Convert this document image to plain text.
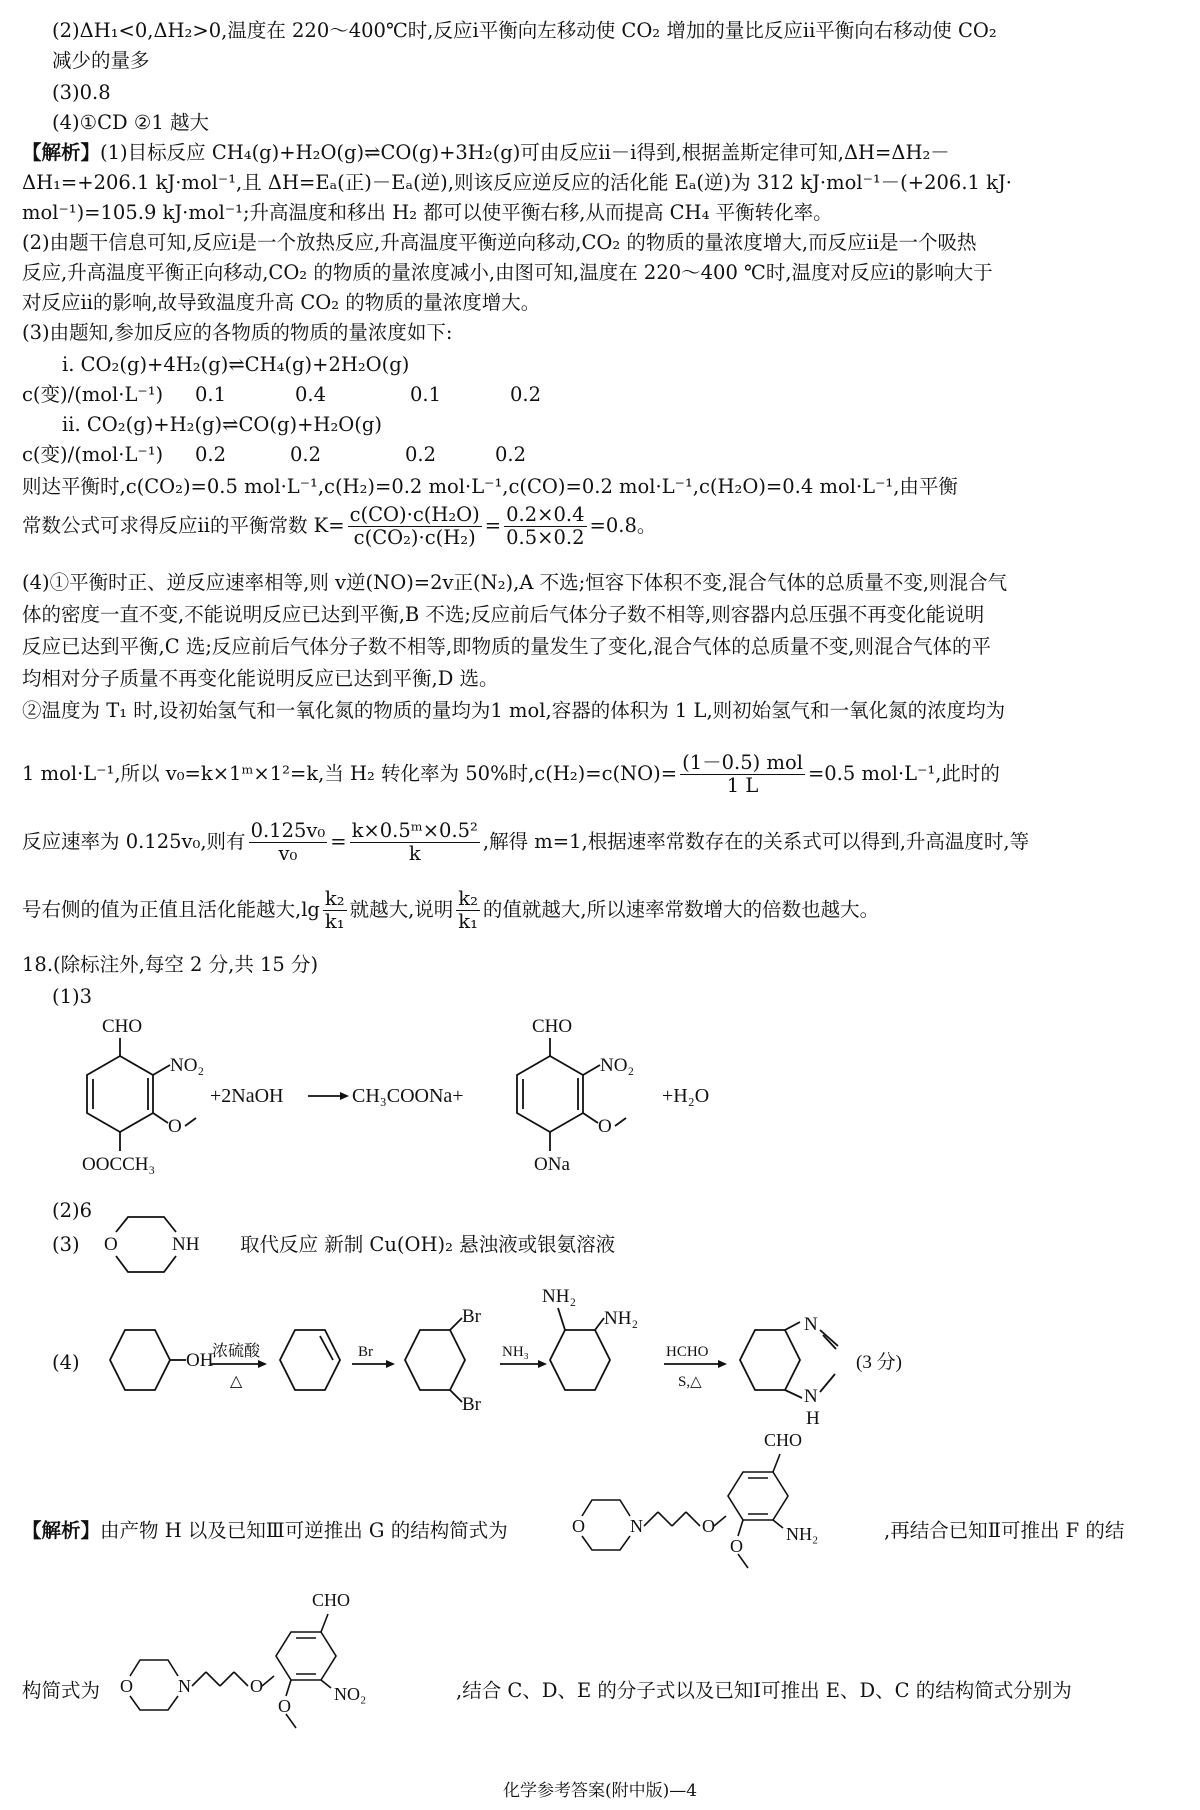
(2)ΔH₁<0,ΔH₂>0,温度在 220～400℃时,反应ⅰ平衡向左移动使 CO₂ 增加的量比反应ⅱ平衡向右移动使 CO₂
减少的量多
(3)0.8
(4)①CD ②1 越大
【解析】(1)目标反应 CH₄(g)+H₂O(g)⇌CO(g)+3H₂(g)可由反应ⅱ－ⅰ得到,根据盖斯定律可知,ΔH=ΔH₂－
ΔH₁=+206.1 kJ·mol⁻¹,且 ΔH=Eₐ(正)－Eₐ(逆),则该反应逆反应的活化能 Eₐ(逆)为 312 kJ·mol⁻¹－(+206.1 kJ·
mol⁻¹)=105.9 kJ·mol⁻¹;升高温度和移出 H₂ 都可以使平衡右移,从而提高 CH₄ 平衡转化率。
(2)由题干信息可知,反应ⅰ是一个放热反应,升高温度平衡逆向移动,CO₂ 的物质的量浓度增大,而反应ⅱ是一个吸热
反应,升高温度平衡正向移动,CO₂ 的物质的量浓度减小,由图可知,温度在 220～400 ℃时,温度对反应ⅰ的影响大于
对反应ⅱ的影响,故导致温度升高 CO₂ 的物质的量浓度增大。
(3)由题知,参加反应的各物质的物质的量浓度如下:
ⅰ. CO₂(g)+4H₂(g)⇌CH₄(g)+2H₂O(g)
c(变)/(mol·L⁻¹) 0.1	0.4	0.1	0.2
ⅱ. CO₂(g)+H₂(g)⇌CO(g)+H₂O(g)
c(变)/(mol·L⁻¹) 0.2	0.2	0.2	0.2
则达平衡时,c(CO₂)=0.5 mol·L⁻¹,c(H₂)=0.2 mol·L⁻¹,c(CO)=0.2 mol·L⁻¹,c(H₂O)=0.4 mol·L⁻¹,由平衡
常数公式可求得反应ⅱ的平衡常数 $K= \frac{\text{c(CO)·c(H₂O)}}{\text{c(CO₂)·c(H₂)}} = \frac{0.2\times 0.4}{0.5\times 0.2} =0.8$。
(4)①平衡时正、逆反应速率相等,则 v逆(NO)=2v正(N₂),A 不选;恒容下体积不变,混合气体的总质量不变,则混合气
体的密度一直不变,不能说明反应已达到平衡,B 不选;反应前后气体分子数不相等,则容器内总压强不再变化能说明
反应已达到平衡,C 选;反应前后气体分子数不相等,即物质的量发生了变化,混合气体的总质量不变,则混合气体的平
均相对分子质量不再变化能说明反应已达到平衡,D 选。
②温度为 T₁ 时,设初始氢气和一氧化氮的物质的量均为1 mol,容器的体积为 1 L,则初始氢气和一氧化氮的浓度均为
1 mol·L⁻¹,所以 v₀=k×1ᵐ×1²=k,当 H₂ 转化率为 50%时$,c(H_2)=c(NO)= \frac{\text{(1－0.5) mol}}{1 L} =0.5$ mol·L⁻¹,此时的
反应速率为 0.125v₀,则有 $\frac{\text{0.125v₀}}{\text{v₀}} = \frac{\text{k×0.5ᵐ×0.5²}}{k}$ ,解得 m=1,根据速率常数存在的关系式可以得到,升高温度时,等
号右侧的值为正值且活化能越大$,\lg \frac{\text{k₂}}{\text{k₁}}$ 就越大,说明 $\frac{\text{k₂}}{\text{k₁}}$ 的值就越大,所以速率常数增大的倍数也越大。
18.(除标注外,每空 2 分,共 15 分)
(1)3
CHO
NO₂
O
OOCCH₃
+2NaOH	CH₃COONa+
CHO
NO₂
O
ONa
+H₂O
(2)6
(3) O	NH 取代反应 新制 Cu(OH)₂ 悬浊液或银氨溶液
(4)	OH
浓硫酸
△
Br
Br
Br
NH₃
NH₂
NH₂
HCHO
S,△
N
N
H
(3 分)
【解析】由产物 H 以及已知Ⅲ可逆推出 G 的结构简式为
CHO
O	N	O
O
NH₂	,再结合已知Ⅱ可推出 F 的结
构简式为
CHO
O	N	O
O
NO₂	,结合 C、D、E 的分子式以及已知Ⅰ可推出 E、D、C 的结构简式分别为
化学参考答案(附中版)—4
